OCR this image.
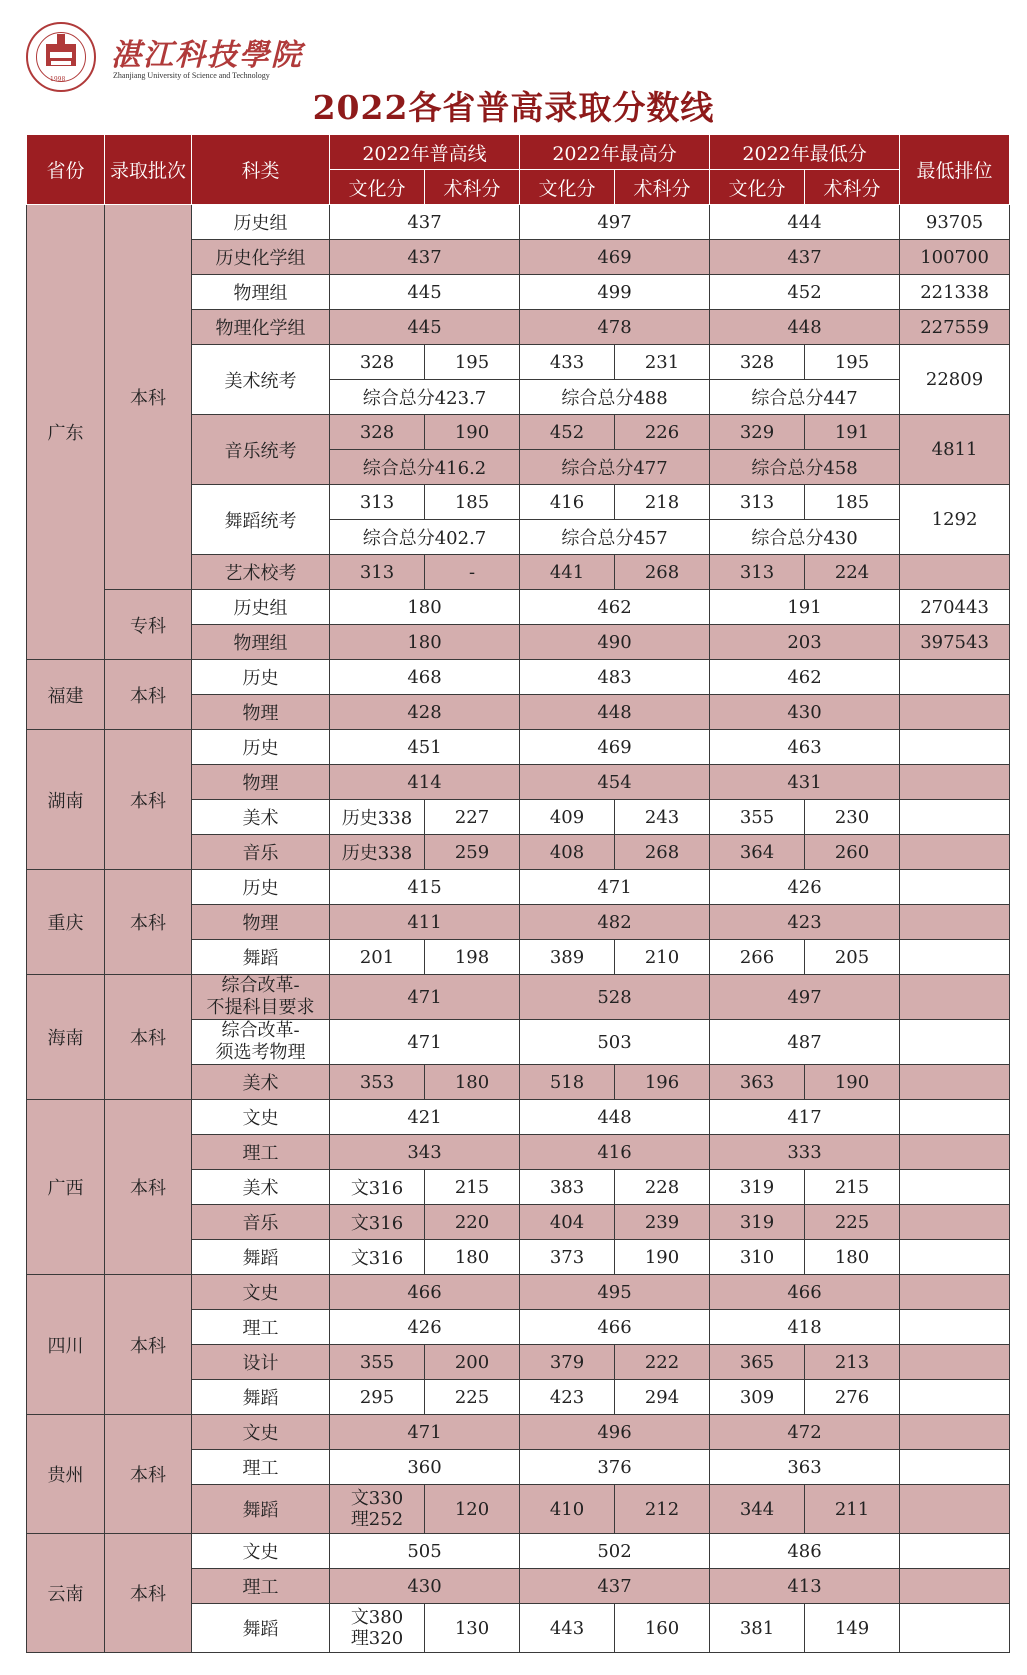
1998
湛江科技學院
Zhanjiang University of Science and Technology
2022各省普高录取分数线
省份	录取批次	科类	2022年普高线		2022年最高分		2022年最低分		最低排位
			文化分	术科分	文化分	术科分	文化分	术科分	
广东	本科	历史组	437		497		444		93705
		历史化学组	437		469		437		100700
		物理组	445		499		452		221338
		物理化学组	445		478		448		227559
		美术统考	328	195	433	231	328	195	22809
			综合总分423.7		综合总分488		综合总分447		
		音乐统考	328	190	452	226	329	191	4811
			综合总分416.2		综合总分477		综合总分458		
		舞蹈统考	313	185	416	218	313	185	1292
			综合总分402.7		综合总分457		综合总分430		
		艺术校考	313	-	441	268	313	224	
	专科	历史组	180		462		191		270443
		物理组	180		490		203		397543
福建	本科	历史	468		483		462		
		物理	428		448		430		
湖南	本科	历史	451		469		463		
		物理	414		454		431		
		美术	历史338	227	409	243	355	230	
		音乐	历史338	259	408	268	364	260	
重庆	本科	历史	415		471		426		
		物理	411		482		423		
		舞蹈	201	198	389	210	266	205	
海南	本科	综合改革-
不提科目要求	471		528		497		
		综合改革-
须选考物理	471		503		487		
		美术	353	180	518	196	363	190	
广西	本科	文史	421		448		417		
		理工	343		416		333		
		美术	文316	215	383	228	319	215	
		音乐	文316	220	404	239	319	225	
		舞蹈	文316	180	373	190	310	180	
四川	本科	文史	466		495		466		
		理工	426		466		418		
		设计	355	200	379	222	365	213	
		舞蹈	295	225	423	294	309	276	
贵州	本科	文史	471		496		472		
		理工	360		376		363		
		舞蹈	文330
理252	120	410	212	344	211	
云南	本科	文史	505		502		486		
		理工	430		437		413		
		舞蹈	文380
理320	130	443	160	381	149	
